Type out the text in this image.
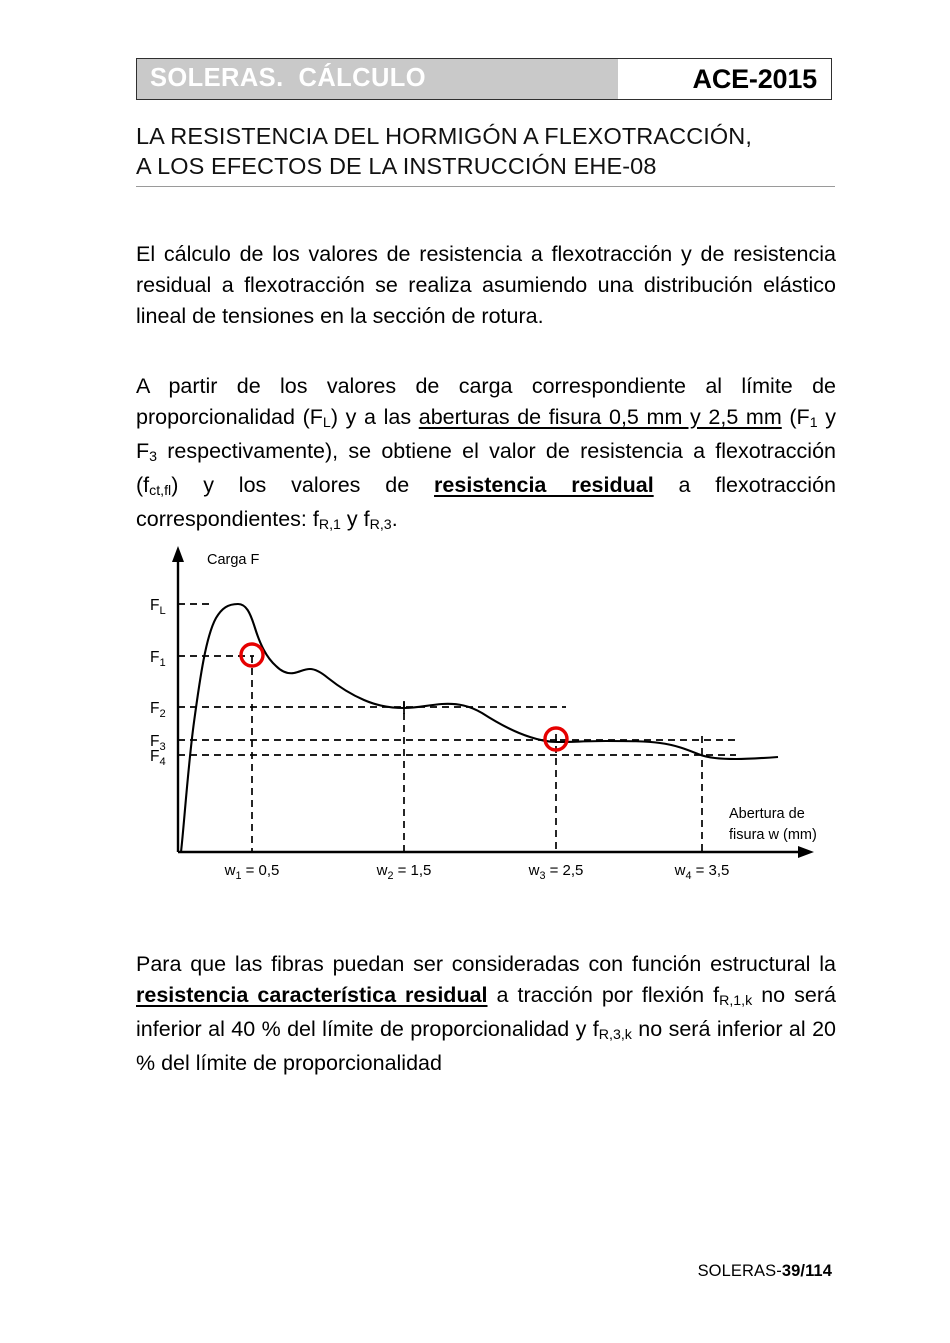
SOLERAS.  CÁLCULO	ACE-2015
LA RESISTENCIA DEL HORMIGÓN A FLEXOTRACCIÓN,
A LOS EFECTOS DE LA INSTRUCCIÓN EHE-08

El cálculo de los valores de resistencia a flexotracción y de resistencia residual a flexotracción se realiza asumiendo una distribución elástico lineal de tensiones en la sección de rotura.

A partir de los valores de carga correspondiente al límite de proporcionalidad $(F_L)$ y a las aberturas de fisura 0,5 mm y 2,5 mm ($F_1$ y $F_3$ respectivamente), se obtiene el valor de resistencia a flexotracción $(f_{ct,fl})$ y los valores de resistencia residual a flexotracción correspondientes: $f_{R,1}$ y $f_{R,3}$.

Carga F
Abertura de
fisura w (mm)
$F_L$
$F_1$
$F_2$
$F_3$
$F_4$
$w_1 = 0,5$	$w_2 = 1,5$	$w_3 = 2,5$	$w_4 = 3,5$

Para que las fibras puedan ser consideradas con función estructural la resistencia característica residual a tracción por flexión $f_{R,1,k}$ no será inferior al 40 % del límite de proporcionalidad y $f_{R,3,k}$ no será inferior al 20 % del límite de proporcionalidad

SOLERAS-39/114
